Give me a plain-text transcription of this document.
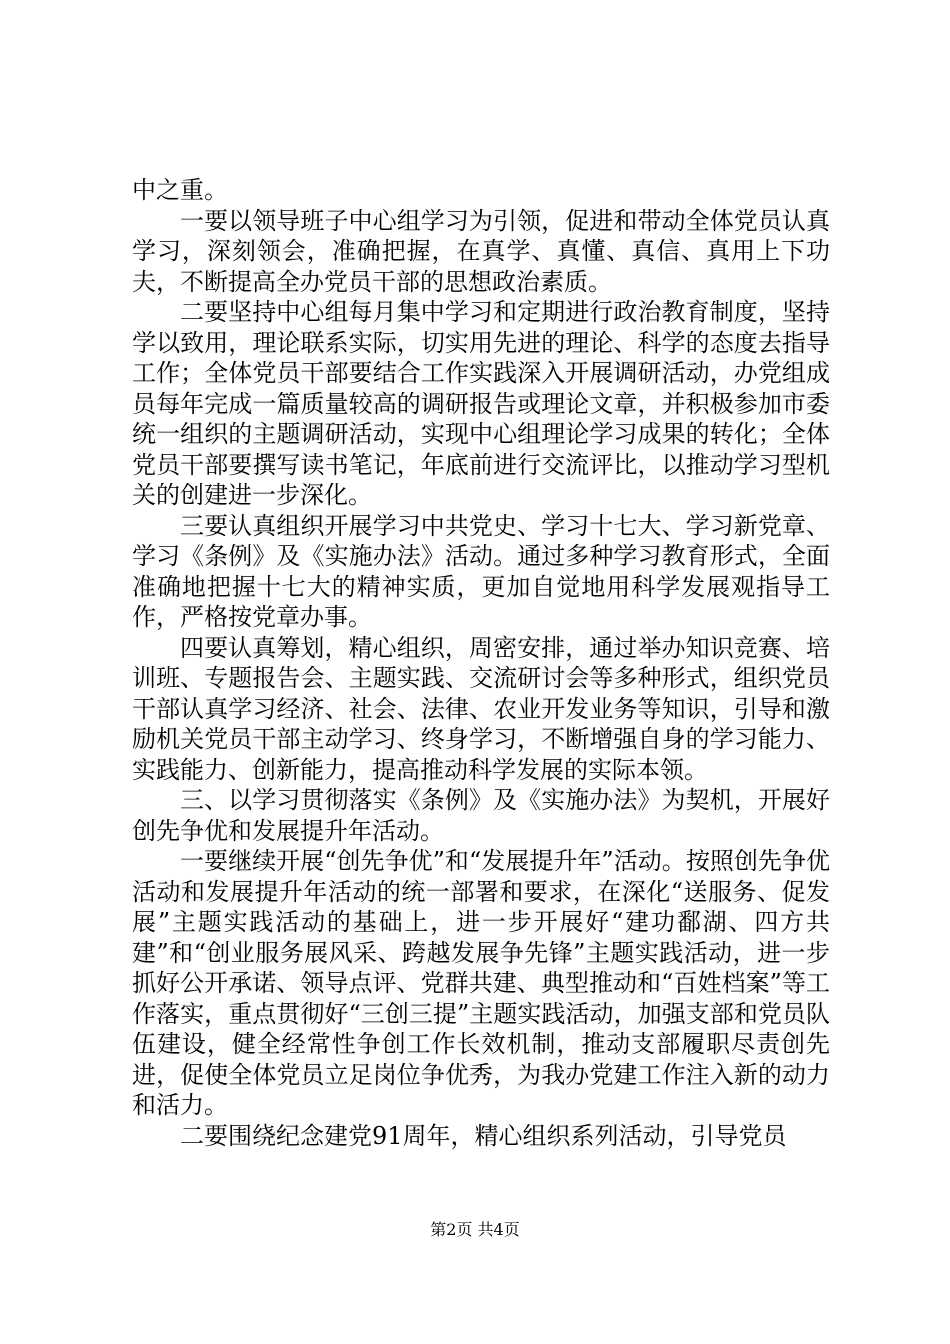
中之重。

一要以领导班子中心组学习为引领，促进和带动全体党员认真学习，深刻领会，准确把握，在真学、真懂、真信、真用上下功夫，不断提高全办党员干部的思想政治素质。

二要坚持中心组每月集中学习和定期进行政治教育制度，坚持学以致用，理论联系实际，切实用先进的理论、科学的态度去指导工作；全体党员干部要结合工作实践深入开展调研活动，办党组成员每年完成一篇质量较高的调研报告或理论文章，并积极参加市委统一组织的主题调研活动，实现中心组理论学习成果的转化；全体党员干部要撰写读书笔记，年底前进行交流评比，以推动学习型机关的创建进一步深化。

三要认真组织开展学习中共党史、学习十七大、学习新党章、学习《条例》及《实施办法》活动。通过多种学习教育形式，全面准确地把握十七大的精神实质，更加自觉地用科学发展观指导工作，严格按党章办事。

四要认真筹划，精心组织，周密安排，通过举办知识竞赛、培训班、专题报告会、主题实践、交流研讨会等多种形式，组织党员干部认真学习经济、社会、法律、农业开发业务等知识，引导和激励机关党员干部主动学习、终身学习，不断增强自身的学习能力、实践能力、创新能力，提高推动科学发展的实际本领。

三、以学习贯彻落实《条例》及《实施办法》为契机，开展好创先争优和发展提升年活动。

一要继续开展“创先争优”和“发展提升年”活动。按照创先争优活动和发展提升年活动的统一部署和要求，在深化“送服务、促发展”主题实践活动的基础上，进一步开展好“建功鄱湖、四方共建”和“创业服务展风采、跨越发展争先锋”主题实践活动，进一步抓好公开承诺、领导点评、党群共建、典型推动和“百姓档案”等工作落实，重点贯彻好“三创三提”主题实践活动，加强支部和党员队伍建设，健全经常性争创工作长效机制，推动支部履职尽责创先进，促使全体党员立足岗位争优秀，为我办党建工作注入新的动力和活力。

二要围绕纪念建党91周年，精心组织系列活动，引导党员

第2页 共4页
